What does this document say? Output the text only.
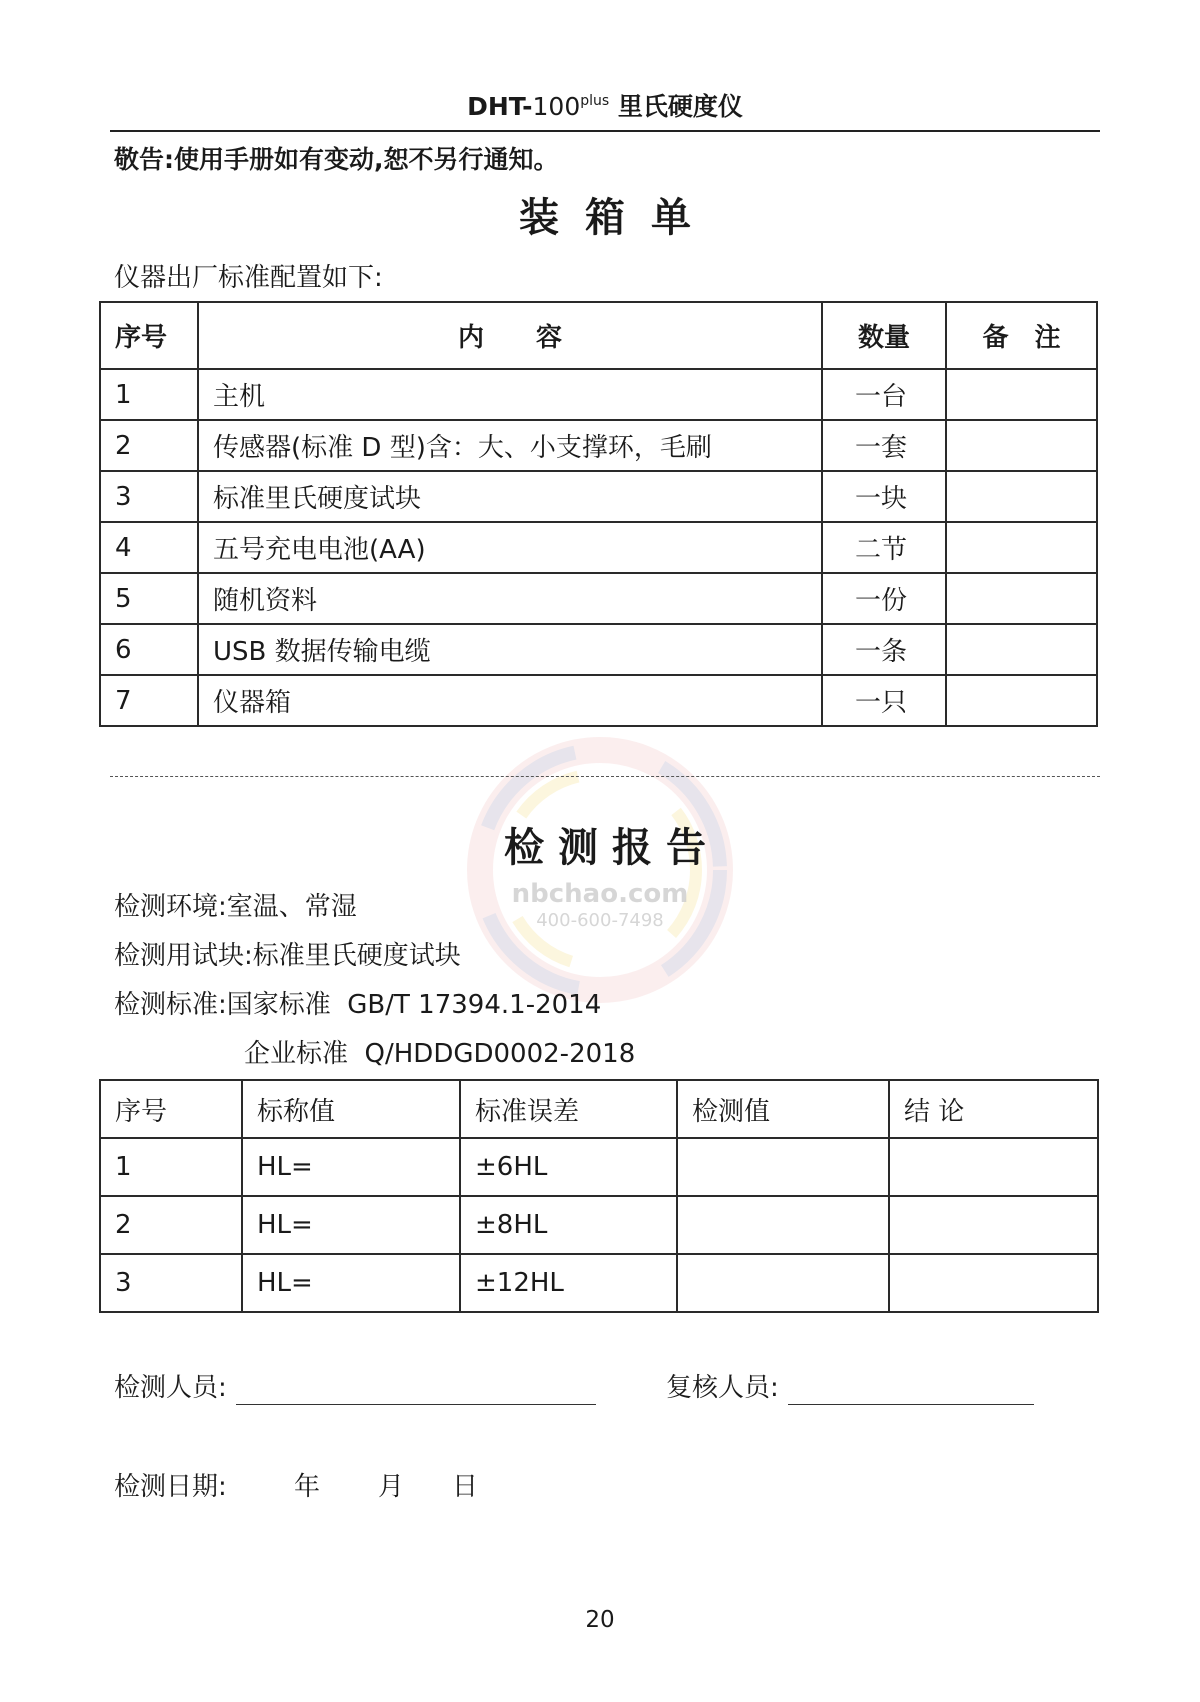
nbchao.com
400-600-7498
DHT-$100^{plus}$ 里氏硬度仪
敬告:使用手册如有变动,恕不另行通知。
装箱单
仪器出厂标准配置如下:
序号	内　　容	数量	备　注
1	主机	一台	
2	传感器(标准 D 型)含：大、小支撑环，毛刷	一套	
3	标准里氏硬度试块	一块	
4	五号充电电池(AA)	二节	
5	随机资料	一份	
6	USB 数据传输电缆	一条	
7	仪器箱	一只	
检测报告
检测环境:室温、常湿
检测用试块:标准里氏硬度试块
检测标准:国家标准  GB/T 17394.1-2014
企业标准  Q/HDDGD0002-2018
序号	标称值	标准误差	检测值	结 论
1	HL=	±6HL		
2	HL=	±8HL		
3	HL=	±12HL		
检测人员:	复核人员:
检测日期:	年 月 日
20
